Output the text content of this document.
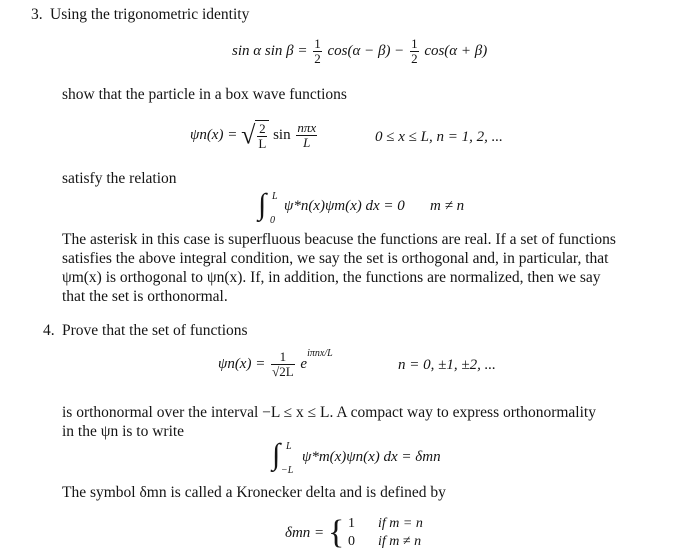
3. Using the trigonometric identity
sin α $\sin \beta = \frac{1}{2} \cos(\alpha - \beta) - \frac{1}{2} \cos(\alpha + \beta)$
show that the particle in a box wave functions
ψn(x) = √ $\frac{2}{L}$ $\sin \frac{\text{nπx}}{L}$	0 ≤ x ≤ L, n = 1, 2, ...
satisfy the relation
∫ L
0
ψ*n(x)ψm(x) dx = 0 m ≠ n
The asterisk in this case is superfluous beacuse the functions are real. If a set of functions
satisfies the above integral condition, we say the set is orthogonal and, in particular, that
ψm(x) is orthogonal to ψn(x). If, in addition, the functions are normalized, then we say
that the set is orthonormal.
4. Prove that the set of functions
$\psi n(x) = \frac{1}{√2L} e^{i\pi nx/L}$
n = 0, ±1, ±2, ...
is orthonormal over the interval −L ≤ x ≤ L. A compact way to express orthonormality
in the ψn is to write
∫ L
−L
ψ*m(x)ψn(x) dx = δmn
The symbol δmn is called a Kronecker delta and is defined by
δmn = { 1 if m = n
0 if m ≠ n
